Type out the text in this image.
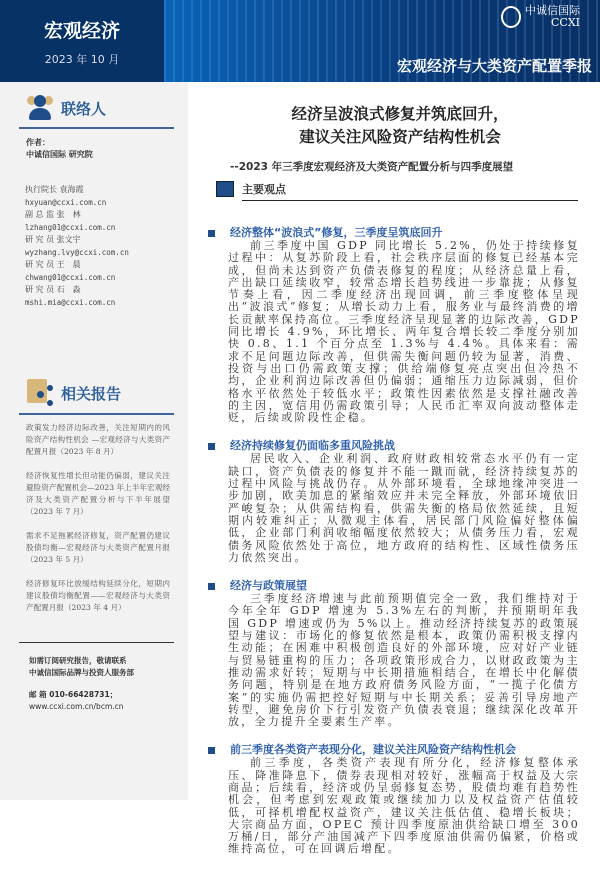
宏观经济
2023 年 10 月
中诚信国际
CCXI
宏观经济与大类资产配置季报
联络人
作者：
中诚信国际 研究院
执行院长 袁海霞
hxyuan@ccxi.com.cn
副 总 监 张　林
lzhang01@ccxi.com.cn
研 究 员 张文宇
wyzhang.lvy@ccxi.com.cn
研 究 员 王　晨
chwang01@ccxi.com.cn
研 究 员 石　淼
mshi.mia@ccxi.com.cn
相关报告
政策发力经济边际改善，关注短期内的风险资产结构性机会 —宏观经济与大类资产配置月报（2023 年 8 月）
经济恢复性增长但动能仍偏弱，建议关注避险资产配置机会—2023 年上半年宏观经济及大类资产配置分析与下半年展望（2023 年 7 月）
需求不足拖累经济修复，资产配置仍建议股债均衡—宏观经济与大类资产配置月报（2023 年 5 月）
经济修复环比放缓结构延续分化，短期内建议股债均衡配置——宏观经济与大类资产配置月报（2023 年 4 月）
如需订阅研究报告，敬请联系
中诚信国际品牌与投资人服务部
邮 箱 010-66428731；
www.ccxi.com.cn/bcm.cn
经济呈波浪式修复并筑底回升，
建议关注风险资产结构性机会
--2023 年三季度宏观经济及大类资产配置分析与四季度展望
主要观点
经济整体“波浪式”修复，三季度呈筑底回升
前三季度中国 GDP 同比增长 5.2%，仍处于持续修复过程中：从复苏阶段上看，社会秩序层面的修复已经基本完成，但尚未达到资产负债表修复的程度；从经济总量上看，产出缺口延续收窄，较常态增长趋势线进一步靠拢；从修复节奏上看，因二季度经济出现回调，前三季度整体呈现出“波浪式”修复；从增长动力上看，服务业与最终消费的增长贡献率保持高位。三季度经济呈现显著的边际改善，GDP 同比增长 4.9%，环比增长、两年复合增长较二季度分别加快 0.8、1.1 个百分点至 1.3%与 4.4%。具体来看：需求不足问题边际改善，但供需失衡问题仍较为显著，消费、投资与出口仍需政策支撑；供给端修复亮点突出但冷热不均，企业利润边际改善但仍偏弱；通缩压力边际减弱，但价格水平依然处于较低水平；政策性因素依然是支撑社融改善的主因，宽信用仍需政策引导；人民币汇率双向波动整体走贬，后续或阶段性企稳。
经济持续修复仍面临多重风险挑战
居民收入、企业利润、政府财政相较常态水平仍有一定缺口，资产负债表的修复并不能一蹴而就，经济持续复苏的过程中风险与挑战仍存。从外部环境看，全球地缘冲突进一步加剧，欧美加息的紧缩效应并未完全释放，外部环境依旧严峻复杂；从供需结构看，供需失衡的格局依然延续，且短期内较难纠正；从微观主体看，居民部门风险偏好整体偏低，企业部门利润收缩幅度依然较大；从债务压力看，宏观债务风险依然处于高位，地方政府的结构性、区域性债务压力依然突出。
经济与政策展望
三季度经济增速与此前预期值完全一致，我们维持对于今年全年 GDP 增速为 5.3%左右的判断，并预期明年我国 GDP 增速或仍为 5%以上。推动经济持续复苏的政策展望与建议：市场化的修复依然是根本，政策仍需积极支撑内生动能；在困难中积极创造良好的外部环境，应对好产业链与贸易链重构的压力；各项政策形成合力，以财政政策为主推动需求好转；短期与中长期措施相结合，在增长中化解债务问题，特别是在地方政府债务风险方面，“一揽子化债方案”的实施仍需把控好短期与中长期关系；妥善引导房地产转型，避免房价下行引发资产负债表衰退；继续深化改革开放，全力提升全要素生产率。
前三季度各类资产表现分化，建议关注风险资产结构性机会
前三季度，各类资产表现有所分化，经济修复整体承压、降准降息下，债券表现相对较好，涨幅高于权益及大宗商品；后续看，经济或仍呈弱修复态势，股债均难有趋势性机会，但考虑到宏观政策或继续加力以及权益资产估值较低，可择机增配权益资产，建议关注低估值、稳增长板块；大宗商品方面，OPEC 预计四季度原油供给缺口增至 300 万桶/日，部分产油国减产下四季度原油供需仍偏紧，价格或维持高位，可在回调后增配。
